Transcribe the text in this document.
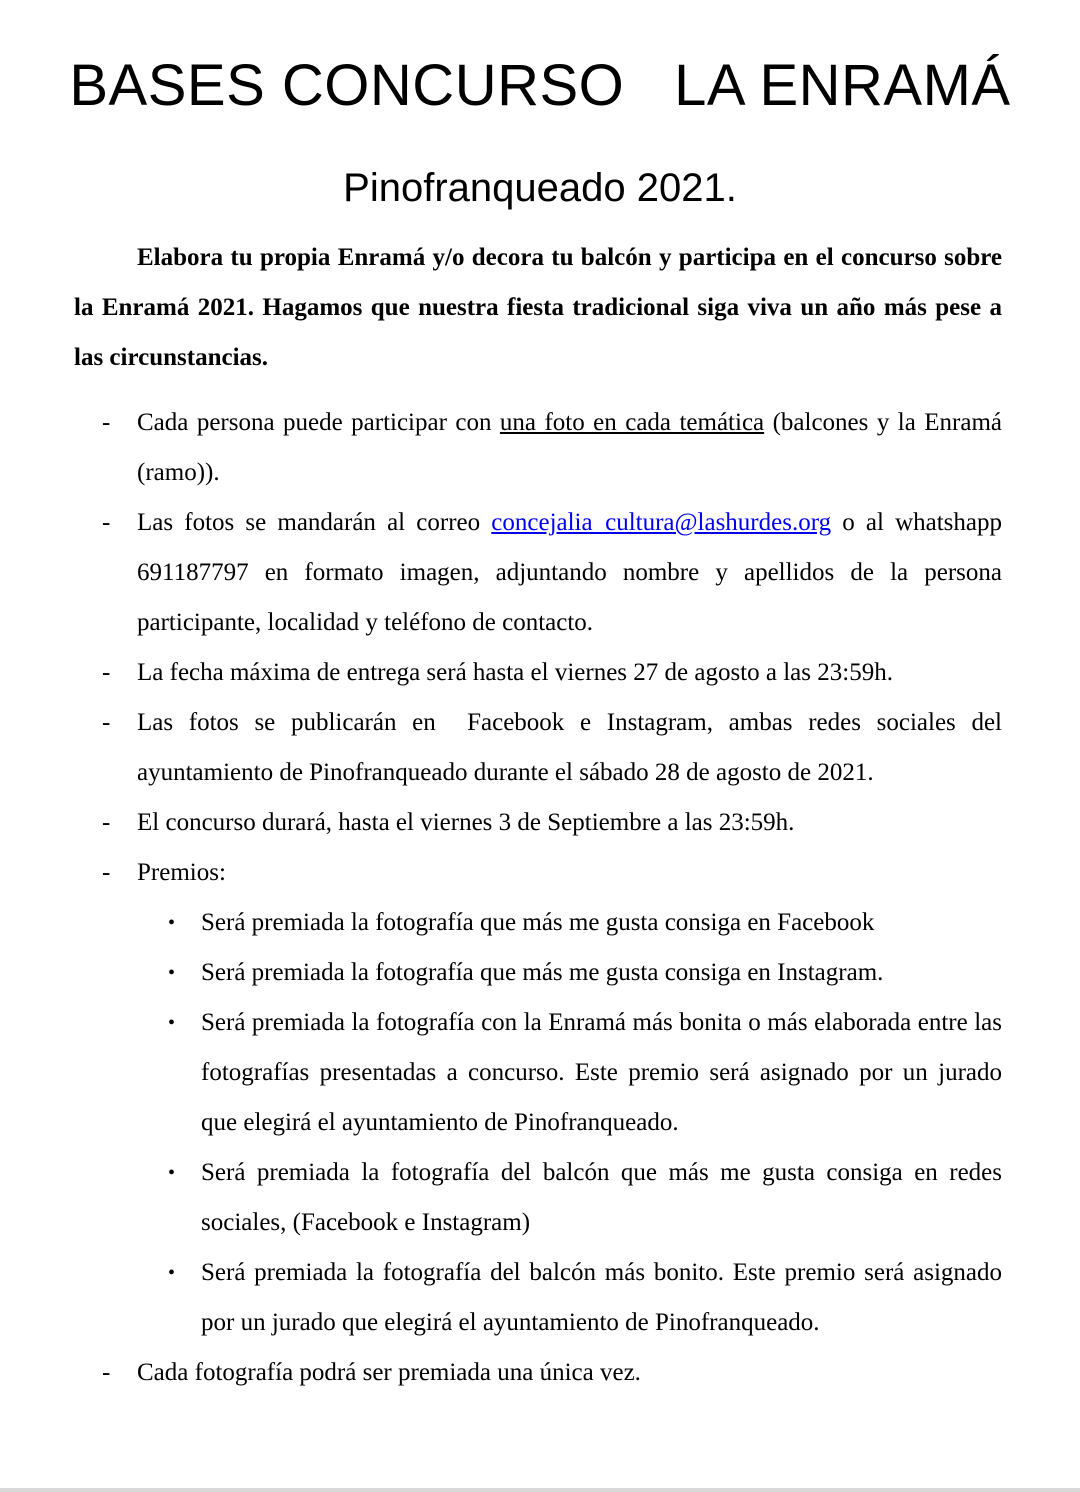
BASES CONCURSO   LA ENRAMÁ
Pinofranqueado 2021.

Elabora tu propia Enramá y/o decora tu balcón y participa en el concurso sobre la Enramá 2021. Hagamos que nuestra fiesta tradicional siga viva un año más pese a las circunstancias.

- Cada persona puede participar con una foto en cada temática (balcones y la Enramá (ramo)).
- Las fotos se mandarán al correo concejalia_cultura@lashurdes.org o al whatshapp 691187797 en formato imagen, adjuntando nombre y apellidos de la persona participante, localidad y teléfono de contacto.
- La fecha máxima de entrega será hasta el viernes 27 de agosto a las 23:59h.
- Las fotos se publicarán en  Facebook e Instagram, ambas redes sociales del ayuntamiento de Pinofranqueado durante el sábado 28 de agosto de 2021.
- El concurso durará, hasta el viernes 3 de Septiembre a las 23:59h.
- Premios:
• Será premiada la fotografía que más me gusta consiga en Facebook
• Será premiada la fotografía que más me gusta consiga en Instagram.
• Será premiada la fotografía con la Enramá más bonita o más elaborada entre las fotografías presentadas a concurso. Este premio será asignado por un jurado que elegirá el ayuntamiento de Pinofranqueado.
• Será premiada la fotografía del balcón que más me gusta consiga en redes sociales, (Facebook e Instagram)
• Será premiada la fotografía del balcón más bonito. Este premio será asignado por un jurado que elegirá el ayuntamiento de Pinofranqueado.
- Cada fotografía podrá ser premiada una única vez.
